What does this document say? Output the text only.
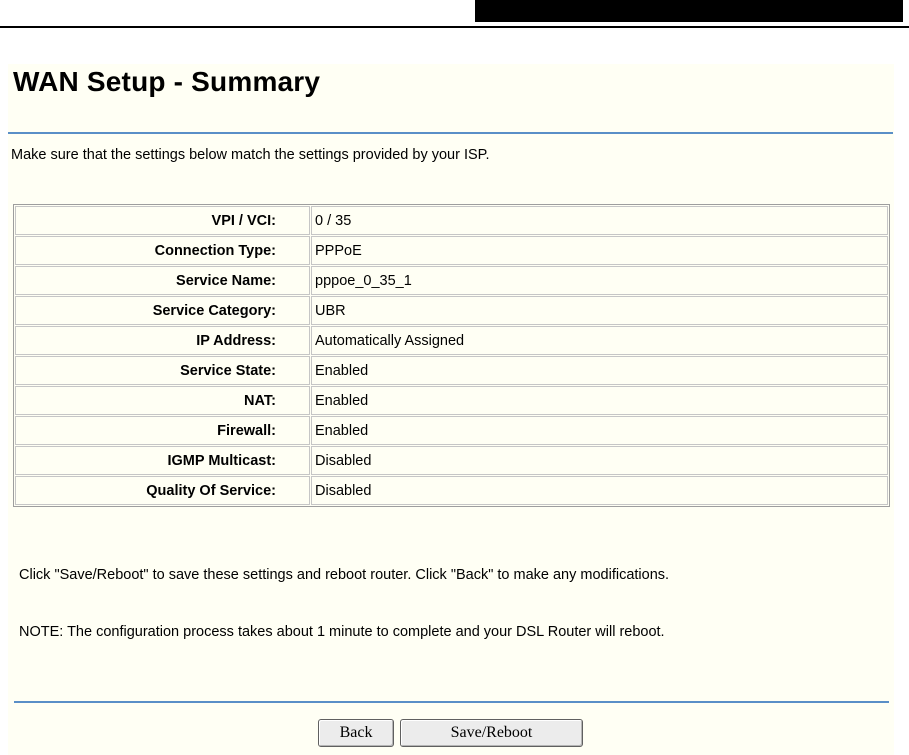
WAN Setup - Summary
Make sure that the settings below match the settings provided by your ISP.
VPI / VCI:	0 / 35
Connection Type:	PPPoE
Service Name:	pppoe_0_35_1
Service Category:	UBR
IP Address:	Automatically Assigned
Service State:	Enabled
NAT:	Enabled
Firewall:	Enabled
IGMP Multicast:	Disabled
Quality Of Service:	Disabled
Click "Save/Reboot" to save these settings and reboot router. Click "Back" to make any modifications.
NOTE: The configuration process takes about 1 minute to complete and your DSL Router will reboot.
Back	Save/Reboot
